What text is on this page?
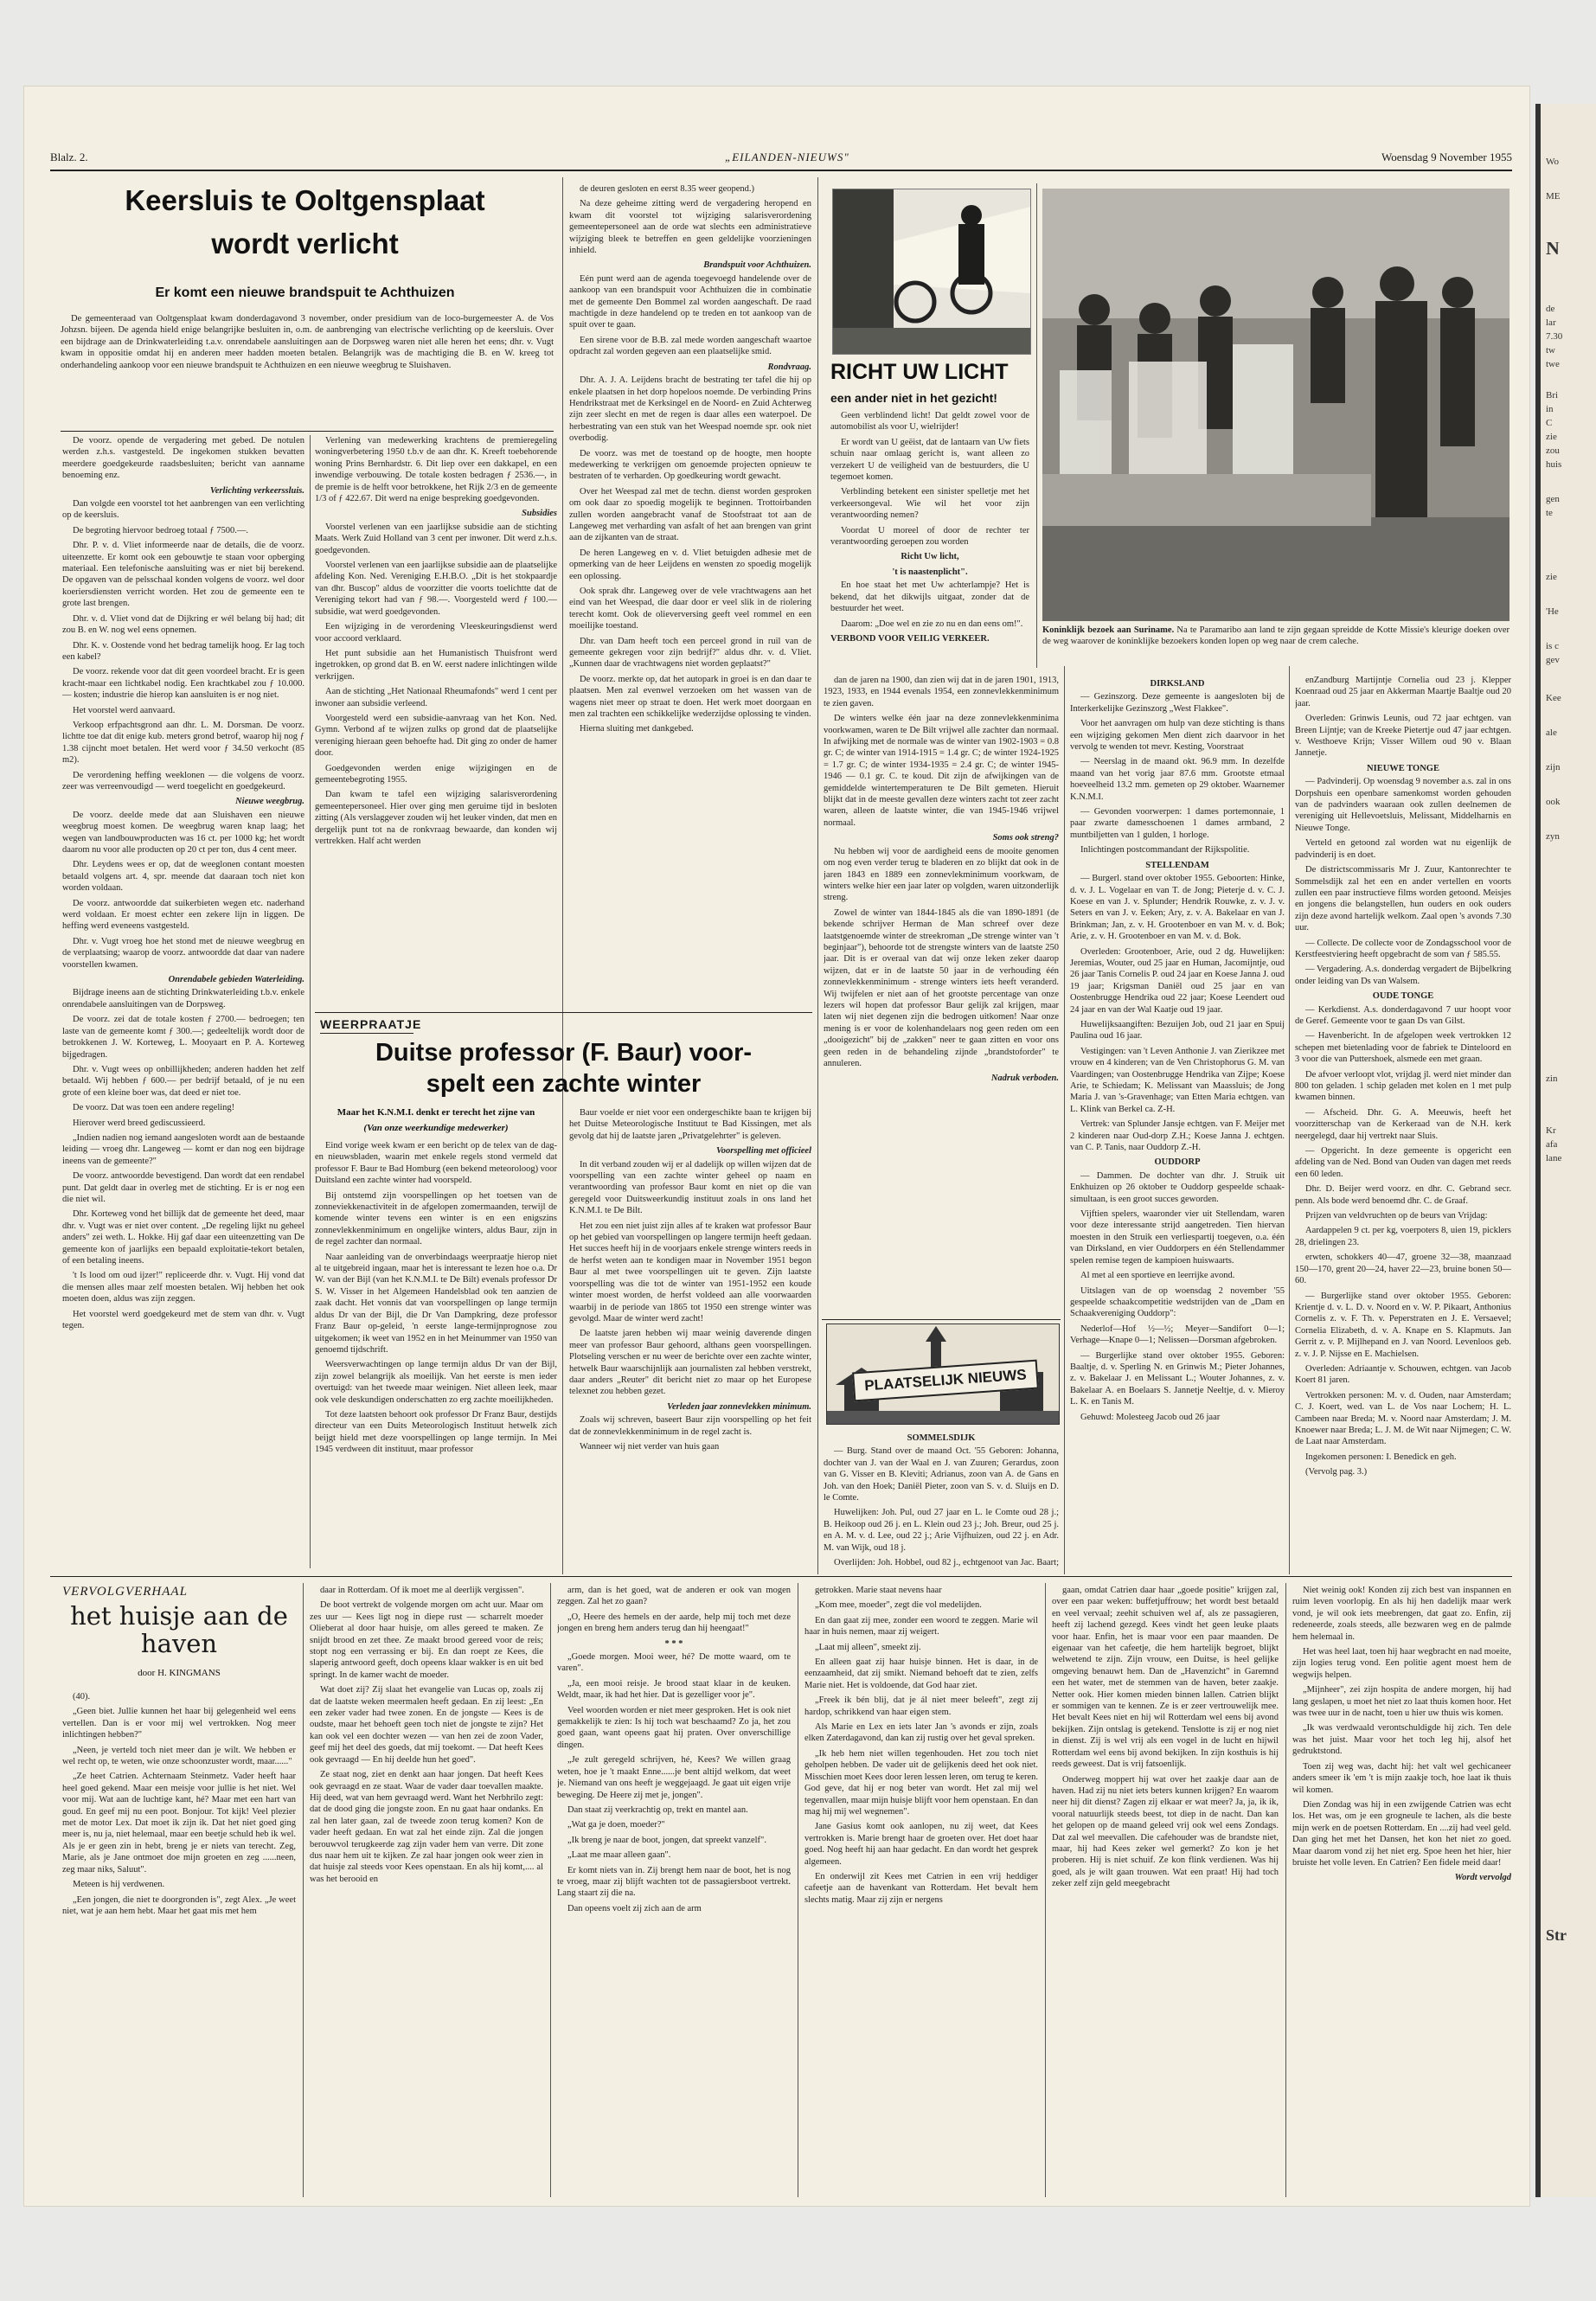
Wo
ME
N
de
lar
7.30
tw
twe
Bri
in
C
zie
zou
huis
gen
te
zie
'He
is c
gev
Kee
ale
zijn
ook
zyn
zin
Kr
afa
lane
Str
Blalz. 2.	„EILANDEN-NIEUWS"	Woensdag 9 November 1955
Keersluis te Ooltgensplaat
wordt verlicht
Er komt een nieuwe brandspuit te Achthuizen

De gemeenteraad van Ooltgensplaat kwam donderdagavond 3 november, onder presidium van de loco-burgemeester A. de Vos Johzsn. bijeen. De agenda hield enige belangrijke besluiten in, o.m. de aanbrenging van electrische verlichting op de keersluis. Over een bijdrage aan de Drinkwaterleiding t.a.v. onrendabele aansluitingen aan de Dorpsweg waren niet alle heren het eens; dhr. v. Vugt kwam in oppositie omdat hij en anderen meer hadden moeten betalen. Belangrijk was de machtiging die B. en W. kreeg tot onderhandeling aankoop voor een nieuwe brandspuit te Achthuizen en een nieuwe weegbrug te Sluishaven.

De voorz. opende de vergadering met gebed. De notulen werden z.h.s. vastgesteld. De ingekomen stukken bevatten meerdere goedgekeurde raadsbesluiten; bericht van aanname benoeming enz.

Verlichting verkeerssluis.

Dan volgde een voorstel tot het aanbrengen van een verlichting op de keersluis.

De begroting hiervoor bedroeg totaal ƒ 7500.—.

Dhr. P. v. d. Vliet informeerde naar de details, die de voorz. uiteenzette. Er komt ook een gebouwtje te staan voor opberging materiaal. Een telefonische aansluiting was er niet bij berekend. De opgaven van de pelsschaal konden volgens de voorz. wel door koeriersdiensten verricht worden. Het zou de gemeente een te grote last brengen.

Dhr. v. d. Vliet vond dat de Dijkring er wél belang bij had; dit zou B. en W. nog wel eens opnemen.

Dhr. K. v. Oostende vond het bedrag tamelijk hoog. Er lag toch een kabel?

De voorz. rekende voor dat dit geen voordeel bracht. Er is geen kracht-maar een lichtkabel nodig. Een krachtkabel zou ƒ 10.000.— kosten; industrie die hierop kan aansluiten is er nog niet.

Het voorstel werd aanvaard.

Verkoop erfpachtsgrond aan dhr. L. M. Dorsman. De voorz. lichtte toe dat dit enige kub. meters grond betrof, waarop hij nog ƒ 1.38 cijncht moet betalen. Het werd voor ƒ 34.50 verkocht (85 m2).

De verordening heffing weeklonen — die volgens de voorz. zeer was verreenvoudigd — werd toegelicht en goedgekeurd.

Nieuwe weegbrug.

De voorz. deelde mede dat aan Sluishaven een nieuwe weegbrug moest komen. De weegbrug waren knap laag; het wegen van landbouwproducten was 16 ct. per 1000 kg; het wordt daarom nu voor alle producten op 20 ct per ton, dus 4 cent meer.

Dhr. Leydens wees er op, dat de weeglonen contant moesten betaald volgens art. 4, spr. meende dat daaraan toch niet kon worden voldaan.

De voorz. antwoordde dat suikerbieten wegen etc. naderhand werd voldaan. Er moest echter een zekere lijn in liggen. De heffing werd eveneens vastgesteld.

Dhr. v. Vugt vroeg hoe het stond met de nieuwe weegbrug en de verplaatsing; waarop de voorz. antwoordde dat daar van nadere voorstellen kwamen.

Onrendabele gebieden Waterleiding.

Bijdrage ineens aan de stichting Drinkwaterleiding t.b.v. enkele onrendabele aansluitingen van de Dorpsweg.

De voorz. zei dat de totale kosten ƒ 2700.— bedroegen; ten laste van de gemeente komt ƒ 300.—; gedeeltelijk wordt door de betrokkenen J. W. Korteweg, L. Mooyaart en P. A. Korteweg bijgedragen.

Dhr. v. Vugt wees op onbillijkheden; anderen hadden het zelf betaald. Wij hebben ƒ 600.— per bedrijf betaald, of je nu een grote of een kleine boer was, dat deed er niet toe.

De voorz. Dat was toen een andere regeling!

Hierover werd breed gediscussieerd.

„Indien nadien nog iemand aangesloten wordt aan de bestaande leiding — vroeg dhr. Langeweg — komt er dan nog een bijdrage ineens van de gemeente?"

De voorz. antwoordde bevestigend. Dan wordt dat een rendabel punt. Dat geldt daar in overleg met de stichting. Er is er nog een die niet wil.

Dhr. Korteweg vond het billijk dat de gemeente het deed, maar dhr. v. Vugt was er niet over content. „De regeling lijkt nu geheel anders" zei weth. L. Hokke. Hij gaf daar een uiteenzetting van De gemeente kon of jaarlijks een bepaald exploitatie-tekort betalen, of een betaling ineens.

't Is lood om oud ijzer!" repliceerde dhr. v. Vugt. Hij vond dat die mensen alles maar zelf moesten betalen. Wij hebben het ook moeten doen, aldus was zijn zeggen.

Het voorstel werd goedgekeurd met de stem van dhr. v. Vugt tegen.

Verlening van medewerking krachtens de premieregeling woningverbetering 1950 t.b.v de aan dhr. K. Kreeft toebehorende woning Prins Bernhardstr. 6. Dit liep over een dakkapel, en een inwendige verbouwing. De totale kosten bedragen ƒ 2536.—, in de premie is de helft voor betrokkene, het Rijk 2/3 en de gemeente 1/3 of ƒ 422.67. Dit werd na enige bespreking goedgevonden.

Subsidies

Voorstel verlenen van een jaarlijkse subsidie aan de stichting Maats. Werk Zuid Holland van 3 cent per inwoner. Dit werd z.h.s. goedgevonden.

Voorstel verlenen van een jaarlijkse subsidie aan de plaatselijke afdeling Kon. Ned. Vereniging E.H.B.O. „Dit is het stokpaardje van dhr. Buscop" aldus de voorzitter die voorts toelichtte dat de Vereniging tekort had van ƒ 98.—. Voorgesteld werd ƒ 100.— subsidie, wat werd goedgevonden.

Een wijziging in de verordening Vleeskeuringsdienst werd voor accoord verklaard.

Het punt subsidie aan het Humanistisch Thuisfront werd ingetrokken, op grond dat B. en W. eerst nadere inlichtingen wilde verkrijgen.

Aan de stichting „Het Nationaal Rheumafonds" werd 1 cent per inwoner aan subsidie verleend.

Voorgesteld werd een subsidie-aanvraag van het Kon. Ned. Gymn. Verbond af te wijzen zulks op grond dat de plaatselijke vereniging hieraan geen behoefte had. Dit ging zo onder de hamer door.

Goedgevonden werden enige wijzigingen en de gemeentebegroting 1955.

Dan kwam te tafel een wijziging salarisverordening gemeentepersoneel. Hier over ging men geruime tijd in besloten zitting (Als verslaggever zouden wij het leuker vinden, dat men en dergelijk punt tot na de ronkvraag bewaarde, dan konden wij vertrekken. Half acht werden

de deuren gesloten en eerst 8.35 weer geopend.)

Na deze geheime zitting werd de vergadering heropend en kwam dit voorstel tot wijziging salarisverordening gemeentepersoneel aan de orde wat slechts een administratieve wijziging bleek te betreffen en geen geldelijke voorzieningen inhield.

Brandspuit voor Achthuizen.

Eén punt werd aan de agenda toegevoegd handelende over de aankoop van een brandspuit voor Achthuizen die in combinatie met de gemeente Den Bommel zal worden aangeschaft. De raad machtigde in deze handelend op te treden en tot aankoop van de spuit over te gaan.

Een sirene voor de B.B. zal mede worden aangeschaft waartoe opdracht zal worden gegeven aan een plaatselijke smid.

Rondvraag.

Dhr. A. J. A. Leijdens bracht de bestrating ter tafel die hij op enkele plaatsen in het dorp hopeloos noemde. De verbinding Prins Hendrikstraat met de Kerksingel en de Noord- en Zuid Achterweg zijn zeer slecht en met de regen is daar alles een waterpoel. De herbestrating van een stuk van het Weespad noemde spr. ook niet overbodig.

De voorz. was met de toestand op de hoogte, men hoopte medewerking te verkrijgen om genoemde projecten opnieuw te bestraten of te verharden. Op goedkeuring wordt gewacht.

Over het Weespad zal met de techn. dienst worden gesproken om ook daar zo spoedig mogelijk te beginnen. Trottoirbanden zullen worden aangebracht vanaf de Stoofstraat tot aan de Langeweg met verharding van asfalt of het aan brengen van grint aan de zijkanten van de straat.

De heren Langeweg en v. d. Vliet betuigden adhesie met de opmerking van de heer Leijdens en wensten zo spoedig mogelijk een oplossing.

Ook sprak dhr. Langeweg over de vele vrachtwagens aan het eind van het Weespad, die daar door er veel slik in de riolering terecht komt. Ook de olieverversing geeft veel rommel en een moeilijke toestand.

Dhr. van Dam heeft toch een perceel grond in ruil van de gemeente gekregen voor zijn bedrijf?" aldus dhr. v. d. Vliet. „Kunnen daar de vrachtwagens niet worden geplaatst?"

De voorz. merkte op, dat het autopark in groei is en dan daar te plaatsen. Men zal evenwel verzoeken om het wassen van de wagens niet meer op straat te doen. Het werk moet doorgaan en men zal trachten een schikkelijke wederzijdse oplossing te vinden.

Hierna sluiting met dankgebed.

RICHT UW LICHT
een ander niet in het gezicht!

Geen verblindend licht! Dat geldt zowel voor de automobilist als voor U, wielrijder!

Er wordt van U geëist, dat de lantaarn van Uw fiets schuin naar omlaag gericht is, want alleen zo verzekert U de veiligheid van de bestuurders, die U tegemoet komen.

Verblinding betekent een sinister spelletje met het verkeersongeval. Wie wil het voor zijn verantwoording nemen?

Voordat U moreel of door de rechter ter verantwoording geroepen zou worden

Richt Uw licht,

't is naastenplicht".

En hoe staat het met Uw achterlampje? Het is bekend, dat het dikwijls uitgaat, zonder dat de bestuurder het weet.

Daarom: „Doe wel en zie zo nu en dan eens om!".

VERBOND VOOR VEILIG VERKEER.

Koninklijk bezoek aan Suriname. Na te Paramaribo aan land te zijn gegaan spreidde de Kotte Missie's kleurige doeken over de weg waarover de koninklijke bezoekers konden lopen op weg naar de crem caleche.
WEERPRAATJE
Duitse professor (F. Baur) voor-
spelt een zachte winter
Maar het K.N.M.I. denkt er terecht het zijne van
(Van onze weerkundige medewerker)

Eind vorige week kwam er een bericht op de telex van de dag- en nieuwsbladen, waarin met enkele regels stond vermeld dat professor F. Baur te Bad Homburg (een bekend meteoroloog) voor Duitsland een zachte winter had voorspeld.

Bij ontstemd zijn voorspellingen op het toetsen van de zonneviekkenactiviteit in de afgelopen zomermaanden, terwijl de komende winter tevens een winter is en een enigszins zonnevlekkenminimum en ongelijke winters, aldus Baur, zijn in de regel zachter dan normaal.

Naar aanleiding van de onverbindaags weerpraatje hierop niet al te uitgebreid ingaan, maar het is interessant te lezen hoe o.a. Dr W. van der Bijl (van het K.N.M.I. te De Bilt) evenals professor Dr S. W. Visser in het Algemeen Handelsblad ook ten aanzien de zaak dacht. Het vonnis dat van voorspellingen op lange termijn aldus Dr van der Bijl, die Dr Van Dampkring, deze professor Franz Baur op-geleid, 'n eerste lange-termijnprognose zou uitgekomen; ik weet van 1952 en in het Meinummer van 1950 van genoemd tijdschrift.

Weersverwachtingen op lange termijn aldus Dr van der Bijl, zijn zowel belangrijk als moeilijk. Van het eerste is men ieder overtuigd: van het tweede maar weinigen. Niet alleen leek, maar ook vele deskundigen onderschatten zo erg zachte moeilijkheden.

Tot deze laatsten behoort ook professor Dr Franz Baur, destijds directeur van een Duits Meteorologisch Instituut hetwelk zich beijgt hield met deze voorspellingen op lange termijn. In Mei 1945 verdween dit instituut, maar professor

Baur voelde er niet voor een ondergeschikte baan te krijgen bij het Duitse Meteorologische Instituut te Bad Kissingen, met als gevolg dat hij de laatste jaren „Privatgelehrter" is geleven.

Voorspelling met officieel

In dit verband zouden wij er al dadelijk op willen wijzen dat de voorspelling van een zachte winter geheel op naam en verantwoording van professor Baur komt en niet op die van geregeld voor Duitsweerkundig instituut zoals in ons land het K.N.M.I. te De Bilt.

Het zou een niet juist zijn alles af te kraken wat professor Baur op het gebied van voorspellingen op langere termijn heeft gedaan. Het succes heeft hij in de voorjaars enkele strenge winters reeds in de herfst weten aan te kondigen maar in November 1951 begon Baur al met twee voorspellingen uit te geven. Zijn laatste voorspelling was die tot de winter van 1951-1952 een koude winter moest worden, de herfst voldeed aan alle voorwaarden waarbij in de periode van 1865 tot 1950 een strenge winter was gevolgd. Maar de winter werd zacht!

De laatste jaren hebben wij maar weinig daverende dingen meer van professor Baur gehoord, althans geen voorspellingen. Plotseling verschen er nu weer de berichte over een zachte winter, hetwelk Baur waarschijnlijk aan journalisten zal hebben verstrekt, daar anders „Reuter" dit bericht niet zo maar op het Europese telexnet zou hebben gezet.

Verleden jaar zonnevlekken minimum.

Zoals wij schreven, baseert Baur zijn voorspelling op het feit dat de zonnevlekkenminimum in de regel zacht is.

Wanneer wij niet verder van huis gaan

dan de jaren na 1900, dan zien wij dat in de jaren 1901, 1913, 1923, 1933, en 1944 evenals 1954, een zonnevlekkenminimum te zien gaven.

De winters welke één jaar na deze zonnevlekkenminima voorkwamen, waren te De Bilt vrijwel alle zachter dan normaal. In afwijking met de normale was de winter van 1902-1903 = 0.8 gr. C; de winter van 1914-1915 = 1.4 gr. C; de winter 1924-1925 = 1.7 gr. C; de winter 1934-1935 = 2.4 gr. C; de winter 1945-1946 — 0.1 gr. C. te koud. Dit zijn de afwijkingen van de gemiddelde wintertemperaturen te De Bilt gemeten. Hieruit blijkt dat in de meeste gevallen deze winters zacht tot zeer zacht waren, alleen de laatste winter, die van 1945-1946 vrijwel normaal.

Soms ook streng?

Nu hebben wij voor de aardigheid eens de mooite genomen om nog even verder terug te bladeren en zo blijkt dat ook in de jaren 1843 en 1889 een zonnevlekminimum voorkwam, de winters welke hier een jaar later op volgden, waren uitzonderlijk streng.

Zowel de winter van 1844-1845 als die van 1890-1891 (de bekende schrijver Herman de Man schreef over deze laatstgenoemde winter de streekroman „De strenge winter van 't beginjaar"), behoorde tot de strengste winters van de laatste 250 jaar. Dit is er overaal van dat wij onze leken zeker daarop wijzen, dat er in de laatste 50 jaar in de verhouding één zonnevlekkenminimum - strenge winters iets heeft veranderd. Wij twijfelen er niet aan of het grootste percentage van onze lezers wil hopen dat professor Baur gelijk zal krijgen, maar laten wij niet degenen zijn die bedrogen uitkomen! Naar onze mening is er voor de kolenhandelaars nog geen reden om een „dooigezicht" bij de „zakken" neer te gaan zitten en voor ons geen reden in de behandeling zijnde „brandstoforder" te annuleren.

Nadruk verboden.

PLAATSELIJK NIEUWS

SOMMELSDIJK

— Burg. Stand over de maand Oct. '55 Geboren: Johanna, dochter van J. van der Waal en J. van Zuuren; Gerardus, zoon van G. Visser en B. Kleviti; Adrianus, zoon van A. de Gans en Joh. van den Hoek; Daniël Pieter, zoon van S. v. d. Sluijs en D. le Comte.

Huwelijken: Joh. Pul, oud 27 jaar en L. le Comte oud 28 j.; B. Heikoop oud 26 j. en L. Klein oud 23 j.; Joh. Breur, oud 25 j. en A. M. v. d. Lee, oud 22 j.; Arie Vijfhuizen, oud 22 j. en Adr. M. van Wijk, oud 18 j.

Overlijden: Joh. Hobbel, oud 82 j., echtgenoot van Jac. Baart;

DIRKSLAND

— Gezinszorg. Deze gemeente is aangesloten bij de Interkerkelijke Gezinszorg „West Flakkee".

Voor het aanvragen om hulp van deze stichting is thans een wijziging gekomen Men dient zich daarvoor in het vervolg te wenden tot mevr. Kesting, Voorstraat

— Neerslag in de maand okt. 96.9 mm. In dezelfde maand van het vorig jaar 87.6 mm. Grootste etmaal hoeveelheid 13.2 mm. gemeten op 29 oktober. Waarnemer K.N.M.I.

— Gevonden voorwerpen: 1 dames portemonnaie, 1 paar zwarte damesschoenen 1 dames armband, 2 muntbiljetten van 1 gulden, 1 horloge.

Inlichtingen postcommandant der Rijkspolitie.

STELLENDAM

— Burgerl. stand over oktober 1955. Geboorten: Hinke, d. v. J. L. Vogelaar en van T. de Jong; Pieterje d. v. C. J. Koese en van J. v. Splunder; Hendrik Rouwke, z. v. J. v. Seters en van J. v. Eeken; Ary, z. v. A. Bakelaar en van J. Brinkman; Jan, z. v. H. Grootenboer en van M. v. d. Bok; Arie, z. v. H. Grootenboer en van M. v. d. Bok.

Overleden: Grootenboer, Arie, oud 2 dg. Huwelijken: Jeremias, Wouter, oud 25 jaar en Human, Jacomijntje, oud 26 jaar Tanis Cornelis P. oud 24 jaar en Koese Janna J. oud 19 jaar; Krigsman Daniël oud 25 jaar en van Oostenbrugge Hendrika oud 22 jaar; Koese Leendert oud 24 jaar en van der Wal Kaatje oud 19 jaar.

Huwelijksaangiften: Bezuijen Job, oud 21 jaar en Spuij Paulina oud 16 jaar.

Vestigingen: van 't Leven Anthonie J. van Zierikzee met vrouw en 4 kinderen; van de Ven Christophorus G. M. van Vaardingen; van Oostenbrugge Hendrika van Zijpe; Koese Arie, te Schiedam; K. Melissant van Maassluis; de Jong Maria J. van 's-Gravenhage; van Etten Maria echtgen. van L. Klink van Berkel ca. Z-H.

Vertrek: van Splunder Jansje echtgen. van F. Meijer met 2 kinderen naar Oud-dorp Z.H.; Koese Janna J. echtgen. van C. P. Tanis, naar Ouddorp Z.-H.

OUDDORP

— Dammen. De dochter van dhr. J. Struik uit Enkhuizen op 26 oktober te Ouddorp gespeelde schaak-simultaan, is een groot succes geworden.

Vijftien spelers, waaronder vier uit Stellendam, waren voor deze interessante strijd aangetreden. Tien hiervan moesten in den Struik een verliespartij toegeven, o.a. één van Dirksland, en vier Ouddorpers en één Stellendammer spelen remise tegen de kampioen huiswaarts.

Al met al een sportieve en leerrijke avond.

Uitslagen van de op woensdag 2 november '55 gespeelde schaakcompetitie wedstrijden van de „Dam en Schaakvereniging Ouddorp":

Nederlof—Hof ½—½; Meyer—Sandifort 0—1; Verhage—Knape 0—1; Nelissen—Dorsman afgebroken.

— Burgerlijke stand over oktober 1955. Geboren: Baaltje, d. v. Sperling N. en Grinwis M.; Pieter Johannes, z. v. Bakelaar J. en Melissant L.; Wouter Johannes, z. v. Bakelaar A. en Boelaars S. Jannetje Neeltje, d. v. Mieroy L. K. en Tanis M.

Gehuwd: Molesteeg Jacob oud 26 jaar

enZandburg Martijntje Cornelia oud 23 j. Klepper Koenraad oud 25 jaar en Akkerman Maartje Baaltje oud 20 jaar.

Overleden: Grinwis Leunis, oud 72 jaar echtgen. van Breen Lijntje; van de Kreeke Pietertje oud 47 jaar echtgen. v. Westhoeve Krijn; Visser Willem oud 90 v. Blaan Jannetje.

NIEUWE TONGE

— Padvinderij. Op woensdag 9 november a.s. zal in ons Dorpshuis een openbare samenkomst worden gehouden van de padvinders waaraan ook zullen deelnemen de vereniging uit Hellevoetsluis, Melissant, Middelharnis en Nieuwe Tonge.

Verteld en getoond zal worden wat nu eigenlijk de padvinderij is en doet.

De districtscommissaris Mr J. Zuur, Kantonrechter te Sommelsdijk zal het een en ander vertellen en voorts zullen een paar instructieve films worden getoond. Meisjes en jongens die belangstellen, hun ouders en ook ouders zijn deze avond hartelijk welkom. Zaal open 's avonds 7.30 uur.

— Collecte. De collecte voor de Zondagsschool voor de Kerstfeestviering heeft opgebracht de som van ƒ 585.55.

— Vergadering. A.s. donderdag vergadert de Bijbelkring onder leiding van Ds van Walsem.

OUDE TONGE

— Kerkdienst. A.s. donderdagavond 7 uur hoopt voor de Geref. Gemeente voor te gaan Ds van Gilst.

— Havenbericht. In de afgelopen week vertrokken 12 schepen met bietenlading voor de fabriek te Dinteloord en 3 voor die van Puttershoek, alsmede een met graan.

De afvoer verloopt vlot, vrijdag jl. werd niet minder dan 800 ton geladen. 1 schip geladen met kolen en 1 met pulp kwamen binnen.

— Afscheid. Dhr. G. A. Meeuwis, heeft het voorzitterschap van de Kerkeraad van de N.H. kerk neergelegd, daar hij vertrekt naar Sluis.

— Opgericht. In deze gemeente is opgericht een afdeling van de Ned. Bond van Ouden van dagen met reeds een 60 leden.

Dhr. D. Beijer werd voorz. en dhr. C. Gebrand secr. penn. Als bode werd benoemd dhr. C. de Graaf.

Prijzen van veldvruchten op de beurs van Vrijdag:

Aardappelen 9 ct. per kg, voerpoters 8, uien 19, picklers 28, drielingen 23.

erwten, schokkers 40—47, groene 32—38, maanzaad 150—170, grent 20—24, haver 22—23, bruine bonen 50—60.

— Burgerlijke stand over oktober 1955. Geboren: Krientje d. v. L. D. v. Noord en v. W. P. Pikaart, Anthonius Cornelis z. v. F. Th. v. Peperstraten en J. E. Versaevel; Cornelia Elizabeth, d. v. A. Knape en S. Klapmuts. Jan Gerrit z. v. P. Mijlhepand en J. van Noord. Levenloos geb. z. v. J. P. Nijsse en E. Machielsen.

Overleden: Adriaantje v. Schouwen, echtgen. van Jacob Koert 81 jaren.

Vertrokken personen: M. v. d. Ouden, naar Amsterdam; C. J. Koert, wed. van L. de Vos naar Lochem; H. L. Cambeen naar Breda; M. v. Noord naar Amsterdam; J. M. Knoewer naar Breda; L. J. M. de Wit naar Nijmegen; C. W. de Laat naar Amsterdam.

Ingekomen personen: I. Benedick en geh.

(Vervolg pag. 3.)

VERVOLGVERHAAL
het huisje aan de
haven
door H. KINGMANS

(40).

„Geen biet. Jullie kunnen het haar bij gelegenheid wel eens vertellen. Dan is er voor mij wel vertrokken. Nog meer inlichtingen hebben?"

„Neen, je verteld toch niet meer dan je wilt. We hebben er wel recht op, te weten, wie onze schoonzuster wordt, maar......"

„Ze heet Catrien. Achternaam Steinmetz. Vader heeft haar heel goed gekend. Maar een meisje voor jullie is het niet. Wel voor mij. Wat aan de luchtige kant, hé? Maar met een hart van goud. En geef mij nu een poot. Bonjour. Tot kijk! Veel plezier met de motor Lex. Dat moet ik zijn ik. Dat het niet goed ging meer is, nu ja, niet helemaal, maar een beetje schuld heb ik wel. Als je er geen zin in hebt, breng je er niets van terecht. Zeg, Marie, als je Jane ontmoet doe mijn groeten en zeg ......neen, zeg maar niks, Saluut".

Meteen is hij verdwenen.

„Een jongen, die niet te doorgronden is", zegt Alex. „Je weet niet, wat je aan hem hebt. Maar het gaat mis met hem

daar in Rotterdam. Of ik moet me al deerlijk vergissen".

De boot vertrekt de volgende morgen om acht uur. Maar om zes uur — Kees ligt nog in diepe rust — scharrelt moeder Olieberat al door haar huisje, om alles gereed te maken. Ze snijdt brood en zet thee. Ze maakt brood gereed voor de reis; stopt nog een verrassing er bij. En dan roept ze Kees, die slaperig antwoord geeft, doch opeens klaar wakker is en uit bed springt. In de kamer wacht de moeder.

Wat doet zij? Zij slaat het evangelie van Lucas op, zoals zij dat de laatste weken meermalen heeft gedaan. En zij leest: „En een zeker vader had twee zonen. En de jongste — Kees is de oudste, maar het behoeft geen toch niet de jongste te zijn? Het kan ook vel een dochter wezen — van hen zei de zoon Vader, geef mij het deel des goeds, dat mij toekomt. — Dat heeft Kees ook gevraagd — En hij deelde hun het goed".

Ze staat nog, ziet en denkt aan haar jongen. Dat heeft Kees ook gevraagd en ze staat. Waar de vader daar toevallen maakte. Hij deed, wat van hem gevraagd werd. Want het Nerbhrilo zegt: dat de dood ging die jongste zoon. En nu gaat haar ondanks. En zal hen later gaan, zal de tweede zoon terug komen? Kon de vader heeft gedaan. En wat zal het einde zijn. Zal die jongen berouwvol terugkeerde zag zijn vader hem van verre. Dit zone dus naar hem uit te kijken. Ze zal haar jongen ook weer zien in dat huisje zal steeds voor Kees openstaan. En als hij komt,.... al was het berooid en

arm, dan is het goed, wat de anderen er ook van mogen zeggen. Zal het zo gaan?

„O, Heere des hemels en der aarde, help mij toch met deze jongen en breng hem anders terug dan hij heengaat!"

* * *

„Goede morgen. Mooi weer, hé? De motte waard, om te varen".

„Ja, een mooi reisje. Je brood staat klaar in de keuken. Weldt, maar, ik had het hier. Dat is gezelliger voor je".

Veel woorden worden er niet meer gesproken. Het is ook niet gemakkelijk te zien: Is hij toch wat beschaamd? Zo ja, het zou goed gaan, want opeens gaat hij praten. Over onverschillige dingen.

„Je zult geregeld schrijven, hé, Kees? We willen graag weten, hoe je 't maakt Enne......je bent altijd welkom, dat weet je. Niemand van ons heeft je weggejaagd. Je gaat uit eigen vrije beweging. De Heere zij met je, jongen".

Dan staat zij veerkrachtig op, trekt en mantel aan.

„Wat ga je doen, moeder?"

„Ik breng je naar de boot, jongen, dat spreekt vanzelf".

„Laat me maar alleen gaan".

Er komt niets van in. Zij brengt hem naar de boot, het is nog te vroeg, maar zij blijft wachten tot de passagiersboot vertrekt. Lang staart zij die na.

Dan opeens voelt zij zich aan de arm

getrokken. Marie staat nevens haar

„Kom mee, moeder", zegt die vol medelijden.

En dan gaat zij mee, zonder een woord te zeggen. Marie wil haar in huis nemen, maar zij weigert.

„Laat mij alleen", smeekt zij.

En alleen gaat zij haar huisje binnen. Het is daar, in de eenzaamheid, dat zij smikt. Niemand behoeft dat te zien, zelfs Marie niet. Het is voldoende, dat God haar ziet.

„Freek ik bén blij, dat je ál niet meer beleeft", zegt zij hardop, schrikkend van haar eigen stem.

Als Marie en Lex en iets later Jan 's avonds er zijn, zoals elken Zaterdagavond, dan kan zij rustig over het geval spreken.

„Ik heb hem niet willen tegenhouden. Het zou toch niet geholpen hebben. De vader uit de gelijkenis deed het ook niet. Misschien moet Kees door leren lessen leren, om terug te keren. God geve, dat hij er nog beter van wordt. Het zal mij wel tegenvallen, maar mijn huisje blijft voor hem openstaan. En dan mag hij mij wel wegnemen".

Jane Gasius komt ook aanlopen, nu zij weet, dat Kees vertrokken is. Marie brengt haar de groeten over. Het doet haar goed. Nog heeft hij aan haar gedacht. En dan wordt het gesprek algemeen.

En onderwijl zit Kees met Catrien in een vrij heddiger cafeetje aan de havenkant van Rotterdam. Het bevalt hem slechts matig. Maar zij zijn er nergens

gaan, omdat Catrien daar haar „goede positie" krijgen zal, over een paar weken: buffetjuffrouw; het wordt best betaald en veel vervaal; zeehit schuiven wel af, als ze passagieren, heeft zij lachend gezegd. Kees vindt het geen leuke plaats voor haar. Enfin, het is maar voor een paar maanden. De eigenaar van het cafeetje, die hem hartelijk begroet, blijkt welwetend te zijn. Zijn vrouw, een Duitse, is heel gelijke omgeving benauwt hem. Dan de „Havenzicht" in Garemnd een het water, met de stemmen van de haven, beter zaakje. Netter ook. Hier komen mieden binnen lallen. Catrien blijkt er sommigen van te kennen. Ze is er zeer vertrouwelijk mee. Het bevalt Kees niet en hij wil Rotterdam wel eens bij avond bekijken. Zijn ontslag is getekend. Tenslotte is zij er nog niet in dienst. Zij is wel vrij als een vogel in de lucht en hijwil Rotterdam wel eens bij avond bekijken. In zijn kosthuis is hij reeds geweest. Dat is vrij fatsoenlijk.

Onderweg moppert hij wat over het zaakje daar aan de haven. Had zij nu niet iets beters kunnen krijgen? En waarom neer hij dit dienst? Zagen zij elkaar er wat meer? Ja, ja, ik ik, vooral natuurlijk steeds beest, tot diep in de nacht. Dan kan het gelopen op de maand geleed vrij ook wel eens Zondags. Dat zal wel meevallen. Die cafehouder was de brandste niet, maar, hij had Kees zeker wel gemerkt? Zo kon je het proberen. Hij is niet schuif. Ze kon flink verdienen. Was hij goed, als je wilt gaan trouwen. Wat een praat! Hij had toch zeker zelf zijn geld meegebracht

Niet weinig ook! Konden zij zich best van inspannen en ruim leven voorlopig. En als hij hen dadelijk maar werk vond, je wil ook iets meebrengen, dat gaat zo. Enfin, zij redeneerde, zoals steeds, alle bezwaren weg en de palmde hem helemaal in.

Het was heel laat, toen hij haar wegbracht en nad moeite, zijn logies terug vond. Een politie agent moest hem de wegwijs helpen.

„Mijnheer", zei zijn hospita de andere morgen, hij had lang geslapen, u moet het niet zo laat thuis komen hoor. Het was twee uur in de nacht, toen u hier uw thuis wis komen.

„Ik was verdwaald verontschuldigde hij zich. Ten dele was het juist. Maar voor het toch leg hij, alsof het gedruktstond.

Toen zij weg was, dacht hij: het valt wel gechicaneer anders smeer ik 'em 't is mijn zaakje toch, hoe laat ik thuis wil komen.

Dien Zondag was hij in een zwijgende Catrien was echt los. Het was, om je een grogneule te lachen, als die beste mijn werk en de poetsen Rotterdam. En ....zij had veel geld. Dan ging het met het Dansen, het kon het niet zo goed. Maar daarom vond zij het niet erg. Spoe heen het hier, hier bruiste het volle leven. En Catrien? Een fidele meid daar!

Wordt vervolgd
